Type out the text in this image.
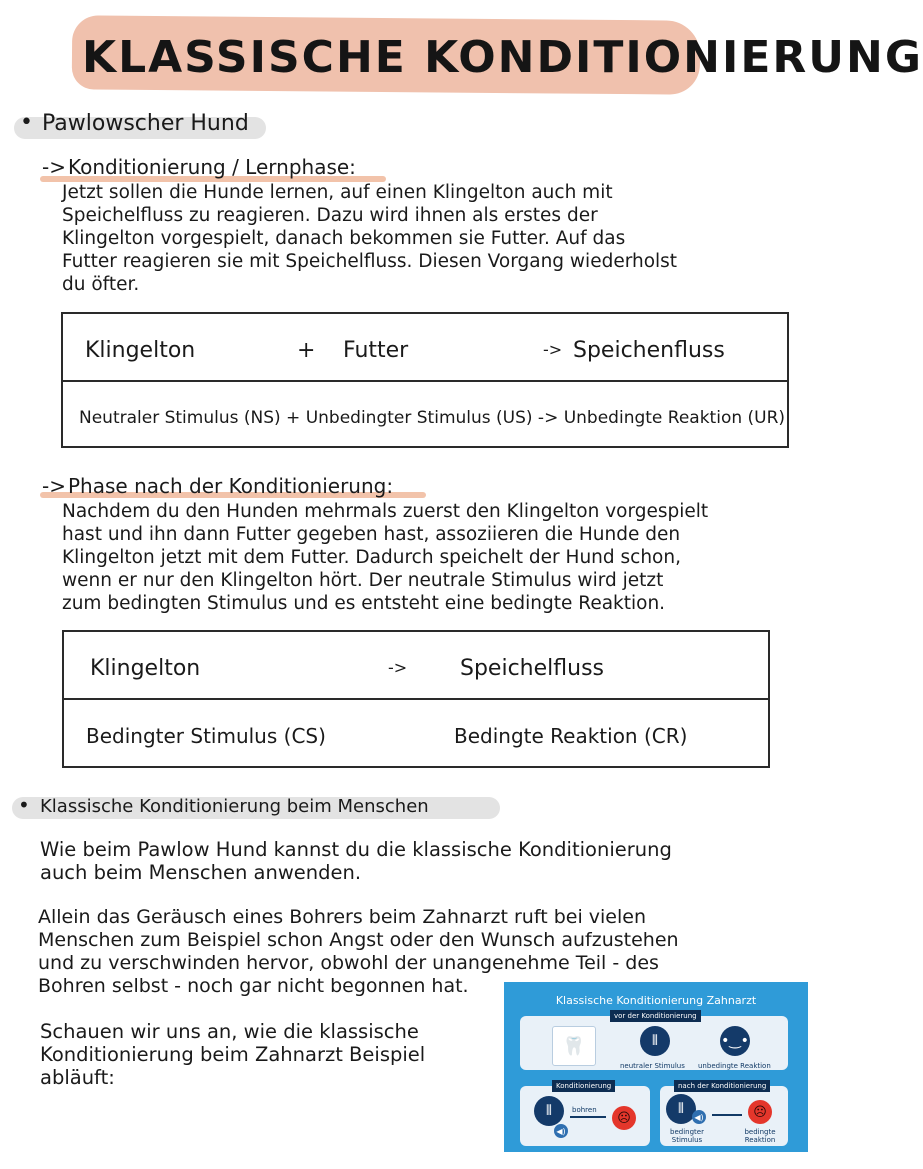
KLASSISCHE KONDITIONIERUNG
• Pawlowscher Hund
-> Konditionierung / Lernphase:
Jetzt sollen die Hunde lernen, auf einen Klingelton auch mit
Speichelfluss zu reagieren. Dazu wird ihnen als erstes der
Klingelton vorgespielt, danach bekommen sie Futter. Auf das
Futter reagieren sie mit Speichelfluss. Diesen Vorgang wiederholst
du öfter.
Klingelton	+ Futter	-> Speichenfluss
Neutraler Stimulus (NS) + Unbedingter Stimulus (US) -> Unbedingte Reaktion (UR)
-> Phase nach der Konditionierung:
Nachdem du den Hunden mehrmals zuerst den Klingelton vorgespielt
hast und ihn dann Futter gegeben hast, assoziieren die Hunde den
Klingelton jetzt mit dem Futter. Dadurch speichelt der Hund schon,
wenn er nur den Klingelton hört. Der neutrale Stimulus wird jetzt
zum bedingten Stimulus und es entsteht eine bedingte Reaktion.
Klingelton	-> Speichelfluss
Bedingter Stimulus (CS)	Bedingte Reaktion (CR)
• Klassische Konditionierung beim Menschen
Wie beim Pawlow Hund kannst du die klassische Konditionierung
auch beim Menschen anwenden.
Allein das Geräusch eines Bohrers beim Zahnarzt ruft bei vielen
Menschen zum Beispiel schon Angst oder den Wunsch aufzustehen
und zu verschwinden hervor, obwohl der unangenehme Teil - des
Bohren selbst - noch gar nicht begonnen hat.
Schauen wir uns an, wie die klassische
Konditionierung beim Zahnarzt Beispiel
abläuft:
Klassische Konditionierung Zahnarzt
vor der Konditionierung
🦷	⫴
neutraler Stimulus
•‿•
unbedingte Reaktion
Konditionierung
⫴
◀)
bohren
☹
nach der Konditionierung
⫴	◀)	☹
bedingter Stimulus
bedingte Reaktion
